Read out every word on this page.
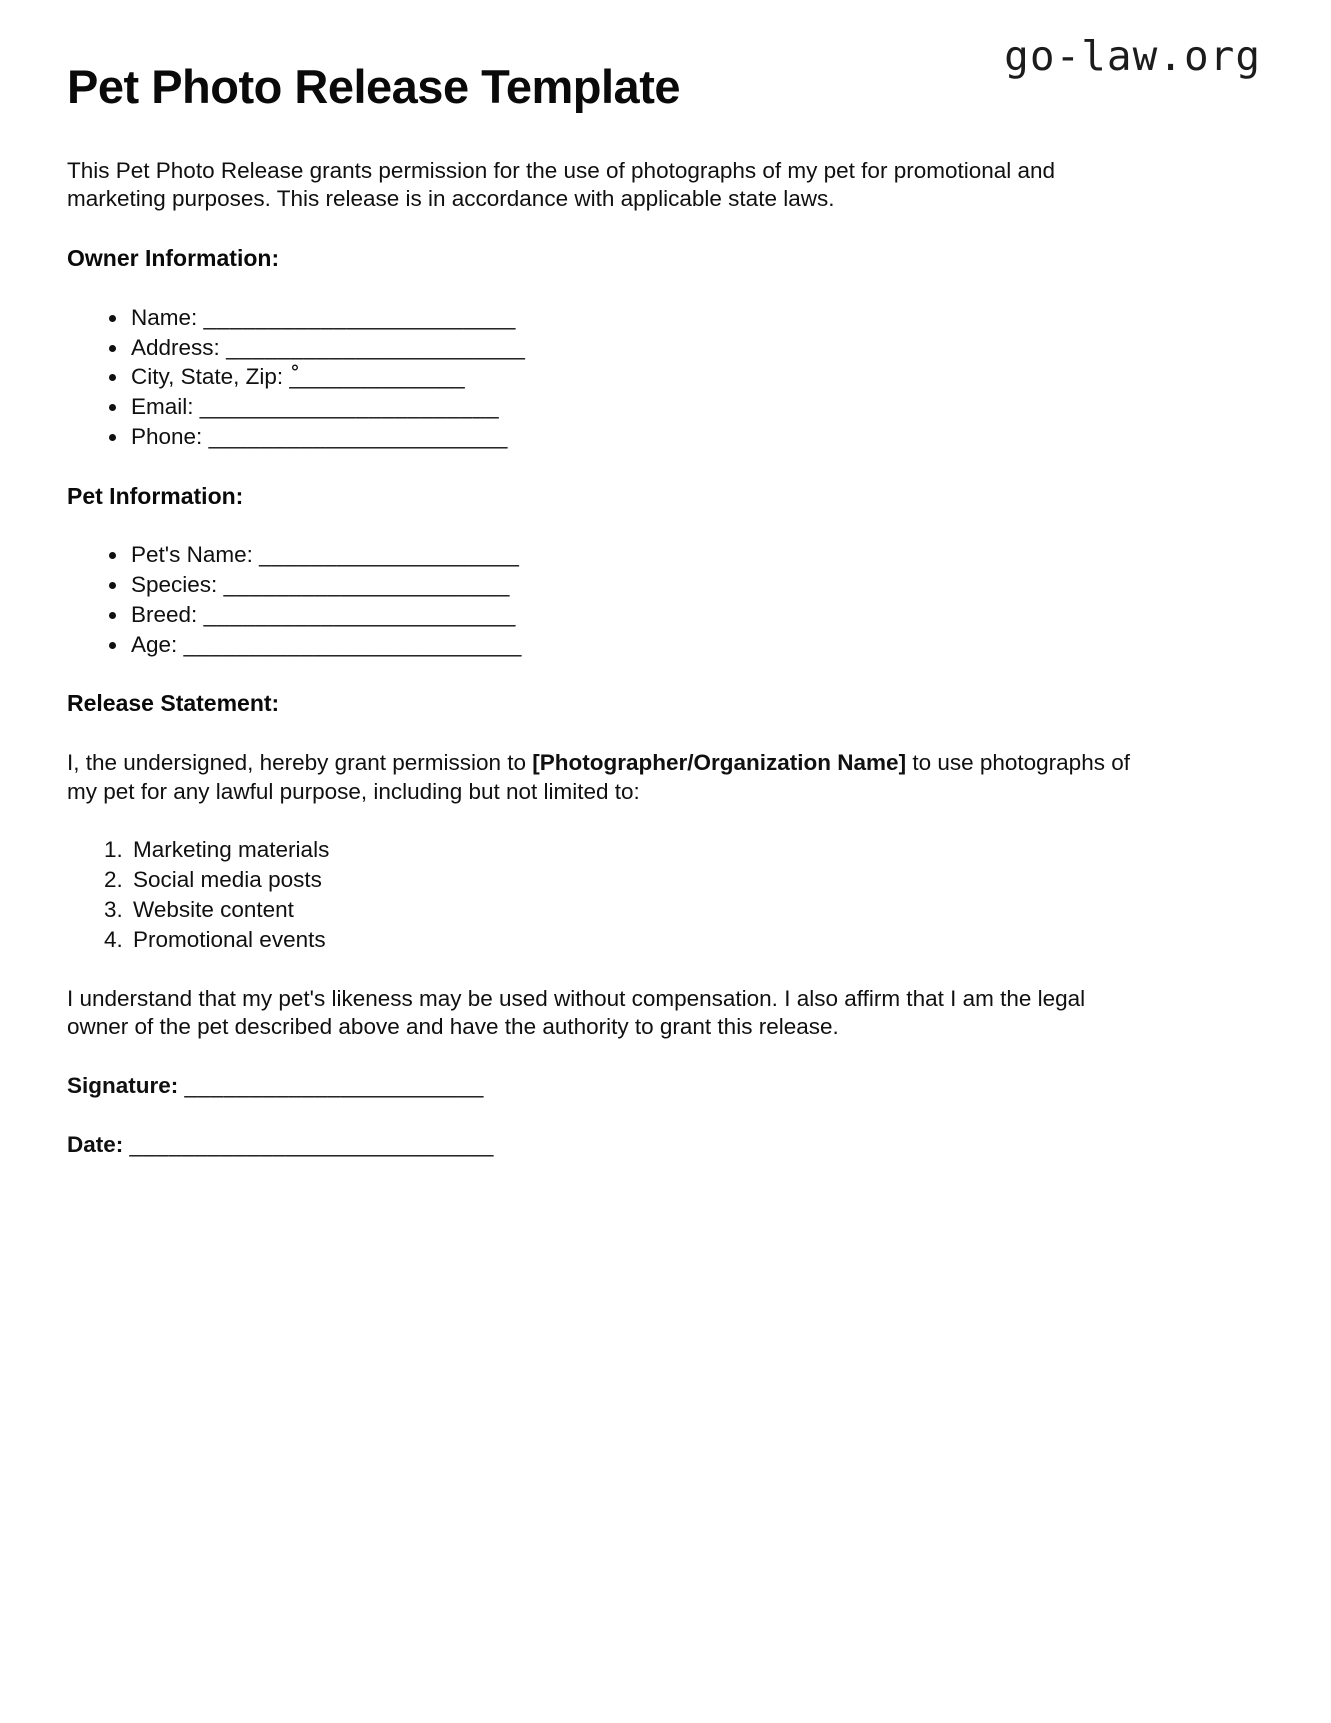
go-law.org
Pet Photo Release Template

This Pet Photo Release grants permission for the use of photographs of my pet for promotional and marketing purposes. This release is in accordance with applicable state laws.

Owner Information:
• Name: ________________________
• Address: _______________________
• City, State, Zip: ْ______________
• Email: _______________________
• Phone: _______________________
Pet Information:
• Pet's Name: ____________________
• Species: ______________________
• Breed: ________________________
• Age: __________________________
Release Statement:

I, the undersigned, hereby grant permission to [Photographer/Organization Name] to use photographs of my pet for any lawful purpose, including but not limited to:

1. Marketing materials
2. Social media posts
3. Website content
4. Promotional events

I understand that my pet's likeness may be used without compensation. I also affirm that I am the legal owner of the pet described above and have the authority to grant this release.

Signature: _______________________

Date: ____________________________
